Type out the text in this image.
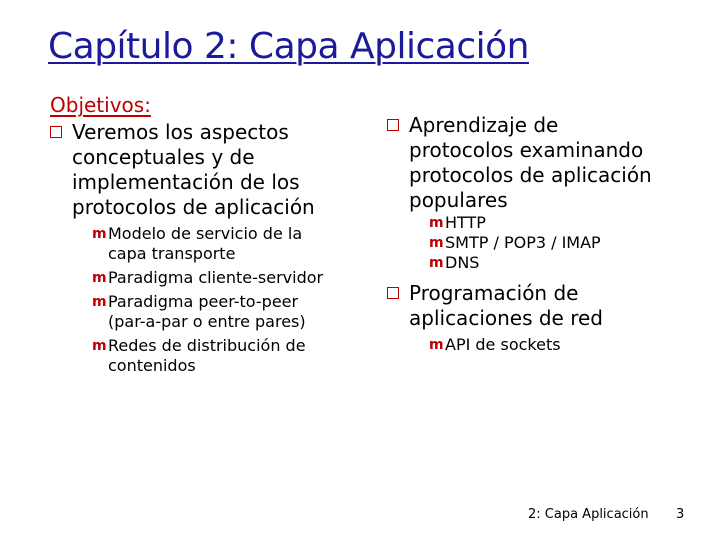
Capítulo 2: Capa Aplicación
Objetivos:
Veremos los aspectos
conceptuales y de
implementación de los
protocolos de aplicación
m Modelo de servicio de la
capa transporte
m Paradigma cliente-servidor
m Paradigma peer-to-peer
(par-a-par o entre pares)
m Redes de distribución de
contenidos
Aprendizaje de
protocolos examinando
protocolos de aplicación
populares
m HTTP
m SMTP / POP3 / IMAP
m DNS
Programación de
aplicaciones de red
m API de sockets
2: Capa Aplicación 3
